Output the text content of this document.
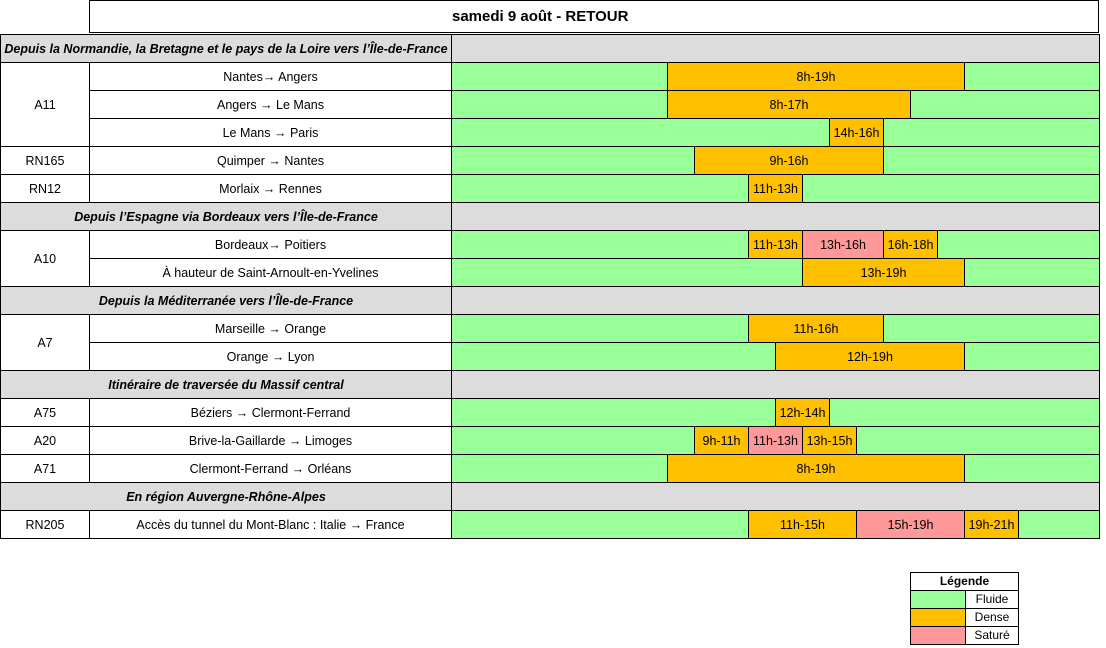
samedi 9 août - RETOUR
Depuis la Normandie, la Bretagne et le pays de la Loire vers l’Île-de-France
A11
Nantes→ Angers	8h-19h
Angers → Le Mans	8h-17h
Le Mans → Paris	14h-16h
RN165	Quimper → Nantes	9h-16h
RN12	Morlaix → Rennes	11h-13h
Depuis l’Espagne via Bordeaux vers l’Île-de-France
A10
Bordeaux→ Poitiers	11h-13h	13h-16h	16h-18h
À hauteur de Saint-Arnoult-en-Yvelines	13h-19h
Depuis la Méditerranée vers l’Île-de-France
A7
Marseille → Orange	11h-16h
Orange → Lyon	12h-19h
Itinéraire de traversée du Massif central
A75	Béziers → Clermont-Ferrand	12h-14h
A20	Brive-la-Gaillarde → Limoges	9h-11h	11h-13h 13h-15h
A71	Clermont-Ferrand → Orléans	8h-19h
En région Auvergne-Rhône-Alpes
RN205	Accès du tunnel du Mont-Blanc : Italie → France	11h-15h	15h-19h	19h-21h
Légende
Fluide
Dense
Saturé
